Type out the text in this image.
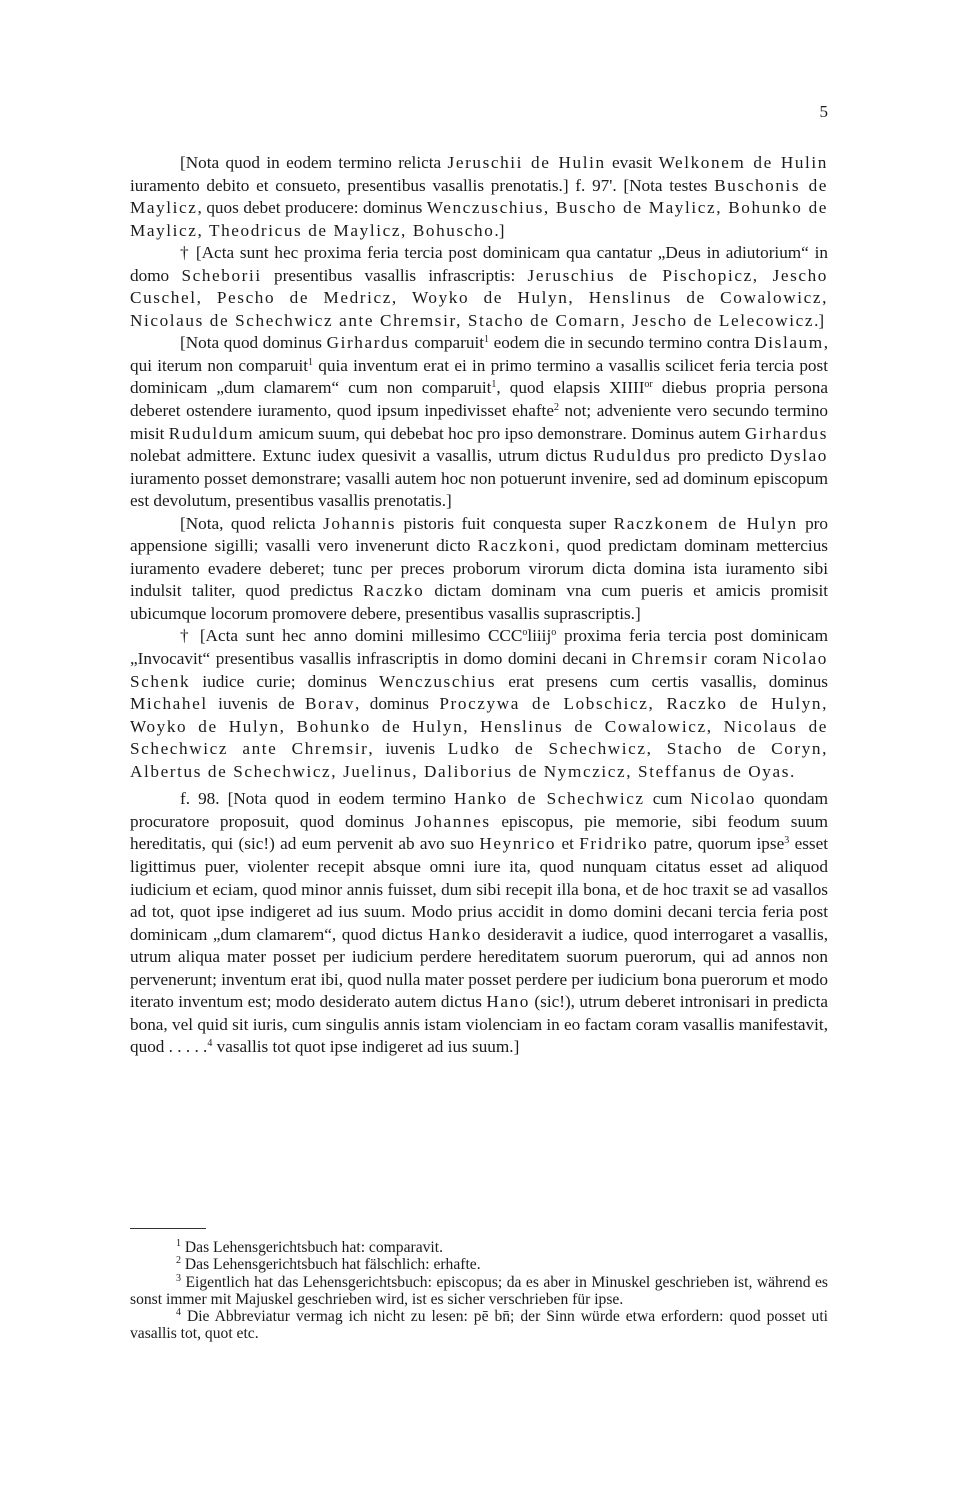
5

[Nota quod in eodem termino relicta Jeruschii de Hulin evasit Welkonem de Hulin iuramento debito et consueto, presentibus vasallis prenotatis.] f. 97'. [Nota testes Buschonis de Maylicz, quos debet producere: dominus Wenczuschius, Buscho de Maylicz, Bohunko de Maylicz, Theodricus de Maylicz, Bohuscho.]

† [Acta sunt hec proxima feria tercia post dominicam qua cantatur „Deus in adiutorium“ in domo Scheborii presentibus vasallis infrascriptis: Jeruschius de Pischopicz, Jescho Cuschel, Pescho de Medricz, Woyko de Hulyn, Henslinus de Cowalowicz, Nicolaus de Schechwicz ante Chremsir, Stacho de Comarn, Jescho de Lelecowicz.]

[Nota quod dominus Girhardus comparuit$^1$ eodem die in secundo termino contra Dislaum, qui iterum non comparuit$^1$ quia inventum erat ei in primo termino a vasallis scilicet feria tercia post dominicam „dum clamarem“ cum non comparuit$^1$, quod elapsis $XIIII^{or}$ diebus propria persona deberet ostendere iuramento, quod ipsum inpedivisset ehafte$^2$ not; adveniente vero secundo termino misit Ruduldum amicum suum, qui debebat hoc pro ipso demonstrare. Dominus autem Girhardus nolebat admittere. Extunc iudex quesivit a vasallis, utrum dictus Ruduldus pro predicto Dyslao iuramento posset demonstrare; vasalli autem hoc non potuerunt invenire, sed ad dominum episcopum est devolutum, presentibus vasallis prenotatis.]

[Nota, quod relicta Johannis pistoris fuit conquesta super Raczkonem de Hulyn pro appensione sigilli; vasalli vero invenerunt dicto Raczkoni, quod predictam dominam mettercius iuramento evadere deberet; tunc per preces proborum virorum dicta domina ista iuramento sibi indulsit taliter, quod predictus Raczko dictam dominam vna cum pueris et amicis promisit ubicumque locorum promovere debere, presentibus vasallis suprascriptis.]

† [Acta sunt hec anno domini millesimo CCC$^o$liiij$^o$ proxima feria tercia post dominicam „Invocavit“ presentibus vasallis infrascriptis in domo domini decani in Chremsir coram Nicolao Schenk iudice curie; dominus Wenczuschius erat presens cum certis vasallis, dominus Michahel iuvenis de Borav, dominus Proczywa de Lobschicz, Raczko de Hulyn, Woyko de Hulyn, Bohunko de Hulyn, Henslinus de Cowalowicz, Nicolaus de Schechwicz ante Chremsir, iuvenis Ludko de Schechwicz, Stacho de Coryn, Albertus de Schechwicz, Juelinus, Daliborius de Nymczicz, Steffanus de Oyas.

f. 98. [Nota quod in eodem termino Hanko de Schechwicz cum Nicolao quondam procuratore proposuit, quod dominus Johannes episcopus, pie memorie, sibi feodum suum hereditatis, qui (sic!) ad eum pervenit ab avo suo Heynrico et Fridriko patre, quorum ipse$^3$ esset ligittimus puer, violenter recepit absque omni iure ita, quod nunquam citatus esset ad aliquod iudicium et eciam, quod minor annis fuisset, dum sibi recepit illa bona, et de hoc traxit se ad vasallos ad tot, quot ipse indigeret ad ius suum. Modo prius accidit in domo domini decani tercia feria post dominicam „dum clamarem“, quod dictus Hanko desideravit a iudice, quod interrogaret a vasallis, utrum aliqua mater posset per iudicium perdere hereditatem suorum puerorum, qui ad annos non pervenerunt; inventum erat ibi, quod nulla mater posset perdere per iudicium bona puerorum et modo iterato inventum est; modo desiderato autem dictus Hano (sic!), utrum deberet intronisari in predicta bona, vel quid sit iuris, cum singulis annis istam violenciam in eo factam coram vasallis manifestavit, quod . . . . .$^4$ vasallis tot quot ipse indigeret ad ius suum.]

$^1$ Das Lehensgerichtsbuch hat: comparavit.

$^2$ Das Lehensgerichtsbuch hat fälschlich: erhafte.

$^3$ Eigentlich hat das Lehensgerichtsbuch: episcopus; da es aber in Minuskel geschrieben ist, während es sonst immer mit Majuskel geschrieben wird, ist es sicher verschrieben für ipse.

$^4$ Die Abbreviatur vermag ich nicht zu lesen: pē bn̄; der Sinn würde etwa erfordern: quod posset uti vasallis tot, quot etc.
